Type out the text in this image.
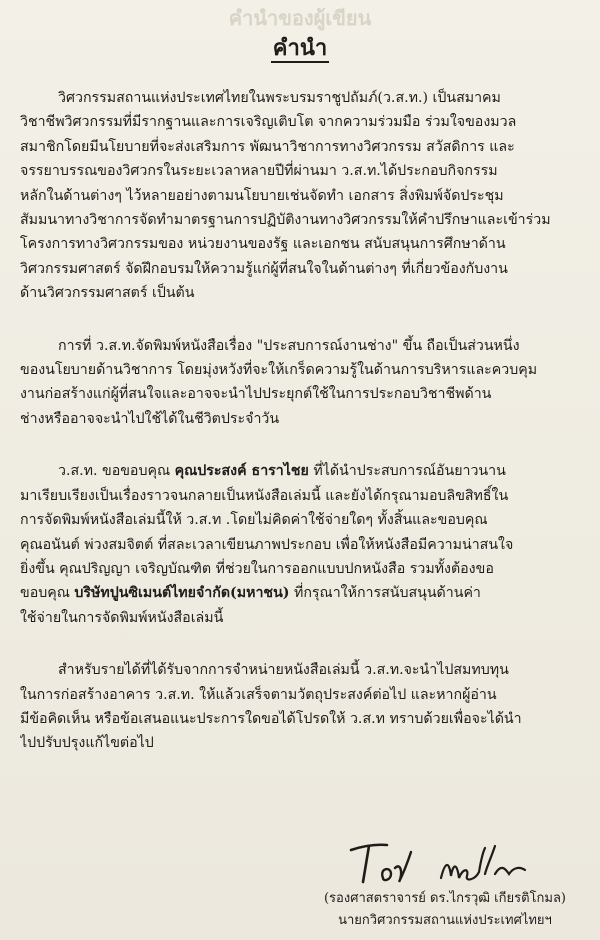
คำนำของผู้เขียน
คำนำ
วิศวกรรมสถานแห่งประเทศไทยในพระบรมราชูปถัมภ์(ว.ส.ท.) เป็นสมาคม
วิชาชีพวิศวกรรมที่มีรากฐานและการเจริญเติบโต จากความร่วมมือ ร่วมใจของมวล
สมาชิกโดยมีนโยบายที่จะส่งเสริมการ พัฒนาวิชาการทางวิศวกรรม สวัสดิการ และ
จรรยาบรรณของวิศวกรในระยะเวลาหลายปีที่ผ่านมา ว.ส.ท.ได้ประกอบกิจกรรม
หลักในด้านต่างๆ ไว้หลายอย่างตามนโยบายเช่นจัดทำ เอกสาร สิ่งพิมพ์จัดประชุม
สัมมนาทางวิชาการจัดทำมาตรฐานการปฏิบัติงานทางวิศวกรรมให้คำปรึกษาและเข้าร่วม
โครงการทางวิศวกรรมของ หน่วยงานของรัฐ และเอกชน สนับสนุนการศึกษาด้าน
วิศวกรรมศาสตร์ จัดฝึกอบรมให้ความรู้แก่ผู้ที่สนใจในด้านต่างๆ ที่เกี่ยวข้องกับงาน
ด้านวิศวกรรมศาสตร์ เป็นต้น
การที่ ว.ส.ท.จัดพิมพ์หนังสือเรื่อง "ประสบการณ์งานช่าง" ขึ้น ถือเป็นส่วนหนึ่ง
ของนโยบายด้านวิชาการ โดยมุ่งหวังที่จะให้เกร็ดความรู้ในด้านการบริหารและควบคุม
งานก่อสร้างแก่ผู้ที่สนใจและอาจจะนำไปประยุกต์ใช้ในการประกอบวิชาชีพด้าน
ช่างหรืออาจจะนำไปใช้ได้ในชีวิตประจำวัน
ว.ส.ท. ขอขอบคุณ คุณประสงค์ ธาราไชย ที่ได้นำประสบการณ์อันยาวนาน
มาเรียบเรียงเป็นเรื่องราวจนกลายเป็นหนังสือเล่มนี้ และยังได้กรุณามอบลิขสิทธิ์ใน
การจัดพิมพ์หนังสือเล่มนี้ให้ ว.ส.ท .โดยไม่คิดค่าใช้จ่ายใดๆ ทั้งสิ้นและขอบคุณ
คุณอนันต์ พ่วงสมจิตต์ ที่สละเวลาเขียนภาพประกอบ เพื่อให้หนังสือมีความน่าสนใจ
ยิ่งขึ้น คุณปริญญา เจริญบัณฑิต ที่ช่วยในการออกแบบปกหนังสือ รวมทั้งต้องขอ
ขอบคุณ บริษัทปูนซิเมนต์ไทยจำกัด(มหาชน) ที่กรุณาให้การสนับสนุนด้านค่า
ใช้จ่ายในการจัดพิมพ์หนังสือเล่มนี้
สำหรับรายได้ที่ได้รับจากการจำหน่ายหนังสือเล่มนี้ ว.ส.ท.จะนำไปสมทบทุน
ในการก่อสร้างอาคาร ว.ส.ท. ให้แล้วเสร็จตามวัตถุประสงค์ต่อไป และหากผู้อ่าน
มีข้อคิดเห็น หรือข้อเสนอแนะประการใดขอได้โปรดให้ ว.ส.ท ทราบด้วยเพื่อจะได้นำ
ไปปรับปรุงแก้ไขต่อไป
(รองศาสตราจารย์ ดร.ไกรวุฒิ เกียรติโกมล)
นายกวิศวกรรมสถานแห่งประเทศไทยฯ
